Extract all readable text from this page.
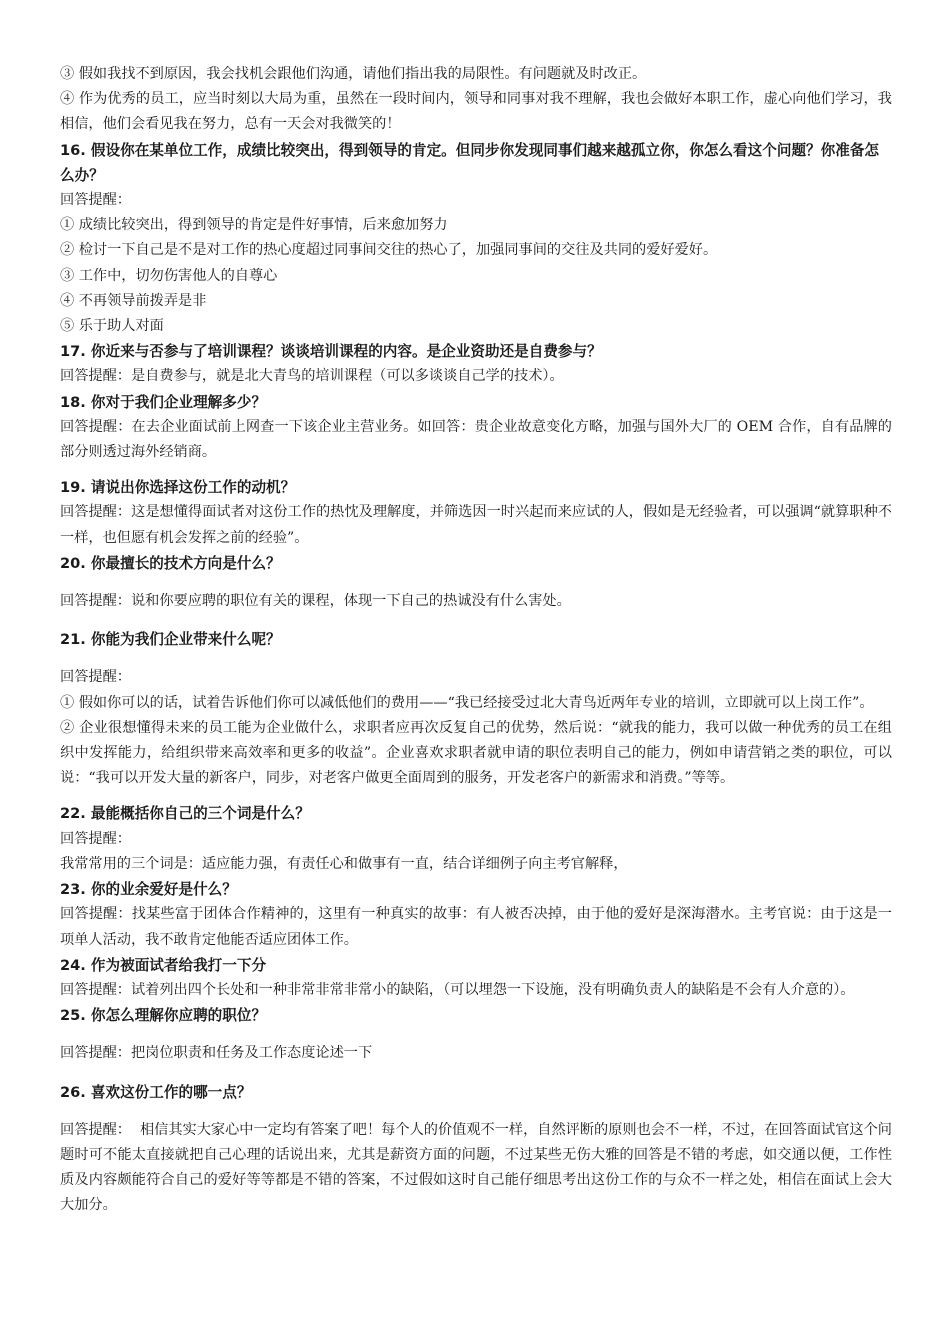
③ 假如我找不到原因，我会找机会跟他们沟通，请他们指出我的局限性。有问题就及时改正。
④ 作为优秀的员工，应当时刻以大局为重，虽然在一段时间内，领导和同事对我不理解，我也会做好本职工作，虚心向他们学习，我相信，他们会看见我在努力，总有一天会对我微笑的！
16. 假设你在某单位工作，成绩比较突出，得到领导的肯定。但同步你发现同事们越来越孤立你，你怎么看这个问题？你准备怎么办？
回答提醒：
① 成绩比较突出，得到领导的肯定是件好事情，后来愈加努力
② 检讨一下自己是不是对工作的热心度超过同事间交往的热心了，加强同事间的交往及共同的爱好爱好。
③ 工作中，切勿伤害他人的自尊心
④ 不再领导前拨弄是非
⑤ 乐于助人对面
17. 你近来与否参与了培训课程？谈谈培训课程的内容。是企业资助还是自费参与？
回答提醒：是自费参与，就是北大青鸟的培训课程（可以多谈谈自己学的技术）。
18. 你对于我们企业理解多少？
回答提醒：在去企业面试前上网查一下该企业主营业务。如回答：贵企业故意变化方略，加强与国外大厂的 OEM 合作，自有品牌的部分则透过海外经销商。
19. 请说出你选择这份工作的动机？
回答提醒：这是想懂得面试者对这份工作的热忱及理解度，并筛选因一时兴起而来应试的人，假如是无经验者，可以强调“就算职种不一样，也但愿有机会发挥之前的经验”。
20. 你最擅长的技术方向是什么？
回答提醒：说和你要应聘的职位有关的课程，体现一下自己的热诚没有什么害处。
21. 你能为我们企业带来什么呢？
回答提醒：
① 假如你可以的话，试着告诉他们你可以减低他们的费用——“我已经接受过北大青鸟近两年专业的培训，立即就可以上岗工作”。
② 企业很想懂得未来的员工能为企业做什么，求职者应再次反复自己的优势，然后说：“就我的能力，我可以做一种优秀的员工在组织中发挥能力，给组织带来高效率和更多的收益”。企业喜欢求职者就申请的职位表明自己的能力，例如申请营销之类的职位，可以说：“我可以开发大量的新客户，同步，对老客户做更全面周到的服务，开发老客户的新需求和消费。”等等。
22. 最能概括你自己的三个词是什么？
回答提醒：
我常常用的三个词是：适应能力强，有责任心和做事有一直，结合详细例子向主考官解释，
23. 你的业余爱好是什么？
回答提醒：找某些富于团体合作精神的，这里有一种真实的故事：有人被否决掉，由于他的爱好是深海潜水。主考官说：由于这是一项单人活动，我不敢肯定他能否适应团体工作。
24. 作为被面试者给我打一下分
回答提醒：试着列出四个长处和一种非常非常非常小的缺陷，（可以埋怨一下设施，没有明确负责人的缺陷是不会有人介意的）。
25. 你怎么理解你应聘的职位？
回答提醒：把岗位职责和任务及工作态度论述一下
26. 喜欢这份工作的哪一点？
回答提醒：  相信其实大家心中一定均有答案了吧！每个人的价值观不一样，自然评断的原则也会不一样，不过，在回答面试官这个问题时可不能太直接就把自己心理的话说出来，尤其是薪资方面的问题，不过某些无伤大雅的回答是不错的考虑，如交通以便，工作性质及内容颇能符合自己的爱好等等都是不错的答案，不过假如这时自己能仔细思考出这份工作的与众不一样之处，相信在面试上会大大加分。
